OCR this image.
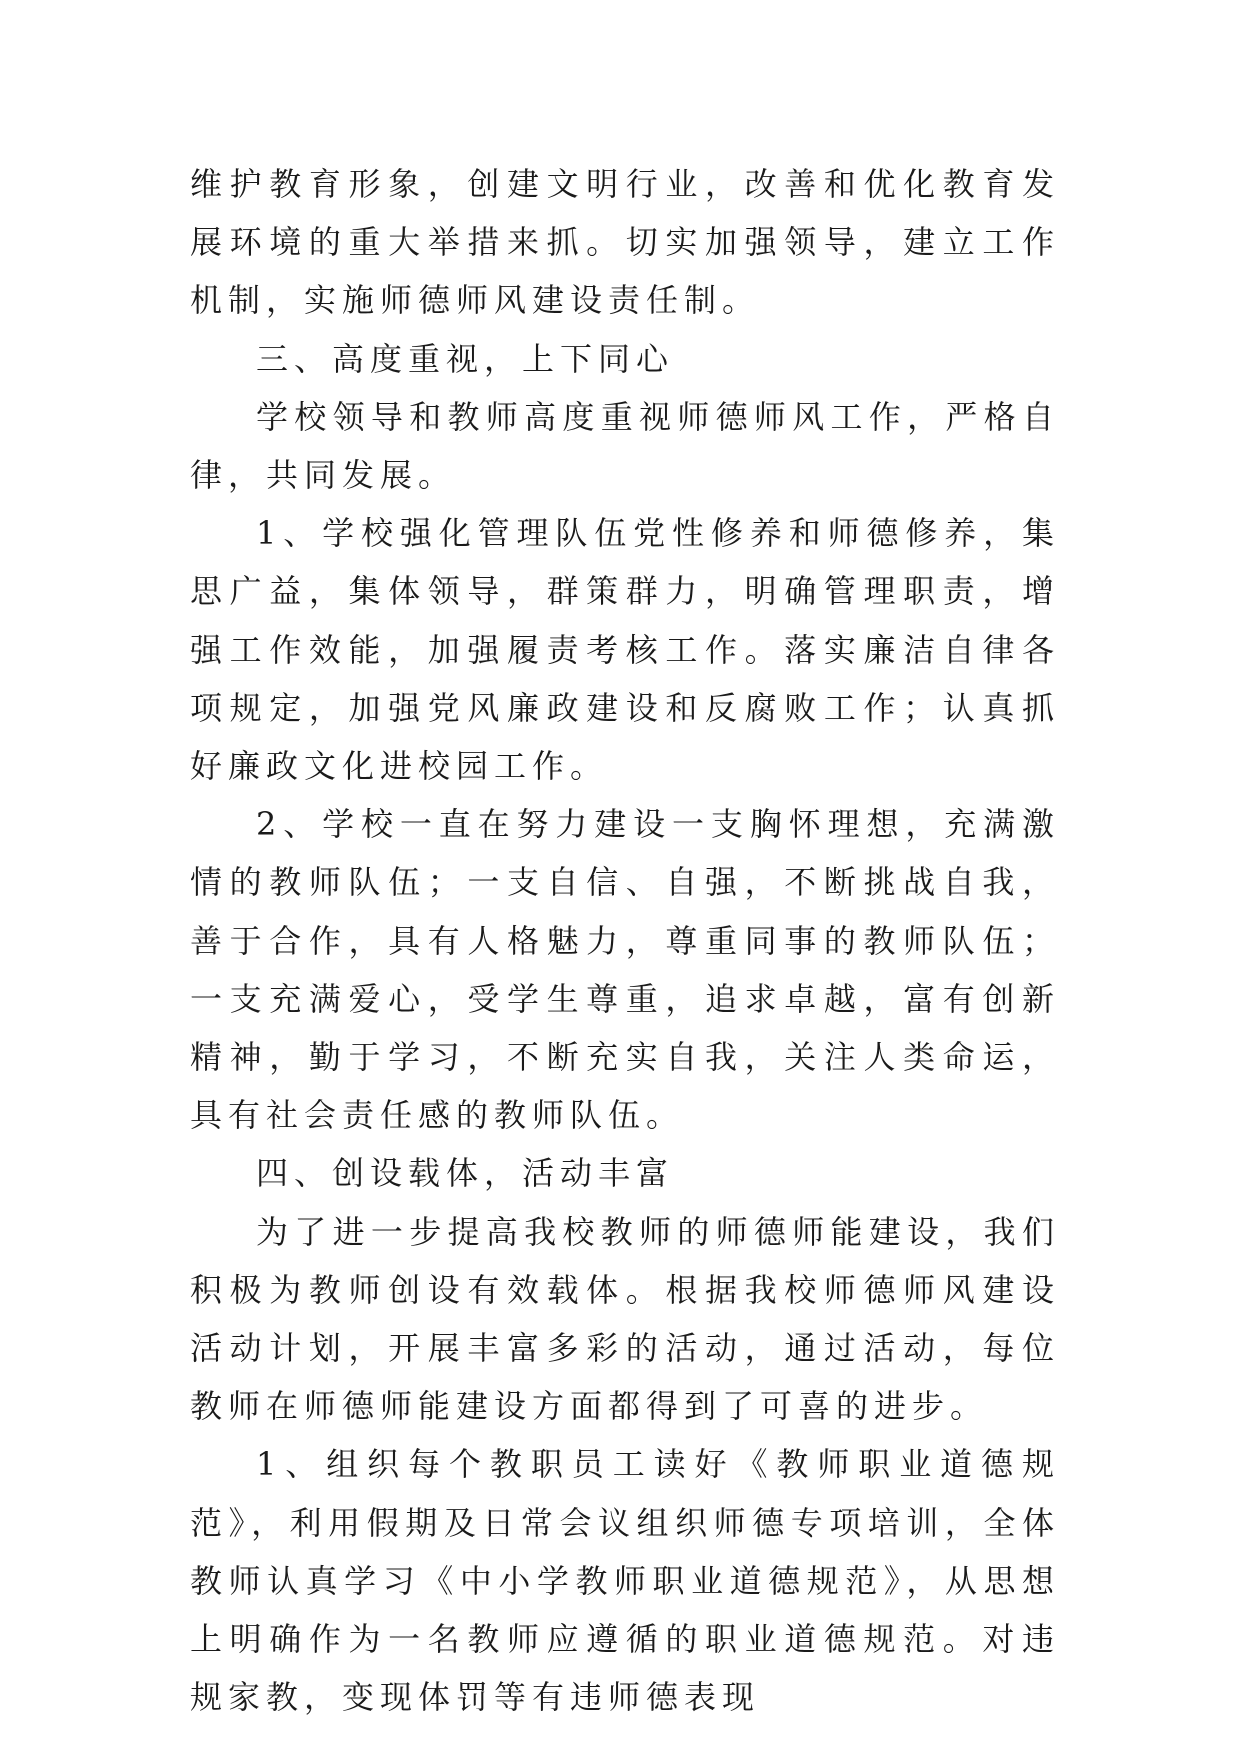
维护教育形象，创建文明行业，改善和优化教育发展环境的重大举措来抓。切实加强领导，建立工作机制，实施师德师风建设责任制。

三、高度重视，上下同心

学校领导和教师高度重视师德师风工作，严格自律，共同发展。

1、学校强化管理队伍党性修养和师德修养，集思广益，集体领导，群策群力，明确管理职责，增强工作效能，加强履责考核工作。落实廉洁自律各项规定，加强党风廉政建设和反腐败工作；认真抓好廉政文化进校园工作。

2、学校一直在努力建设一支胸怀理想，充满激情的教师队伍；一支自信、自强，不断挑战自我，善于合作，具有人格魅力，尊重同事的教师队伍；一支充满爱心，受学生尊重，追求卓越，富有创新精神，勤于学习，不断充实自我，关注人类命运，具有社会责任感的教师队伍。

四、创设载体，活动丰富

为了进一步提高我校教师的师德师能建设，我们积极为教师创设有效载体。根据我校师德师风建设活动计划，开展丰富多彩的活动，通过活动，每位教师在师德师能建设方面都得到了可喜的进步。

1、组织每个教职员工读好《教师职业道德规范》，利用假期及日常会议组织师德专项培训，全体教师认真学习《中小学教师职业道德规范》，从思想上明确作为一名教师应遵循的职业道德规范。对违规家教，变现体罚等有违师德表现
